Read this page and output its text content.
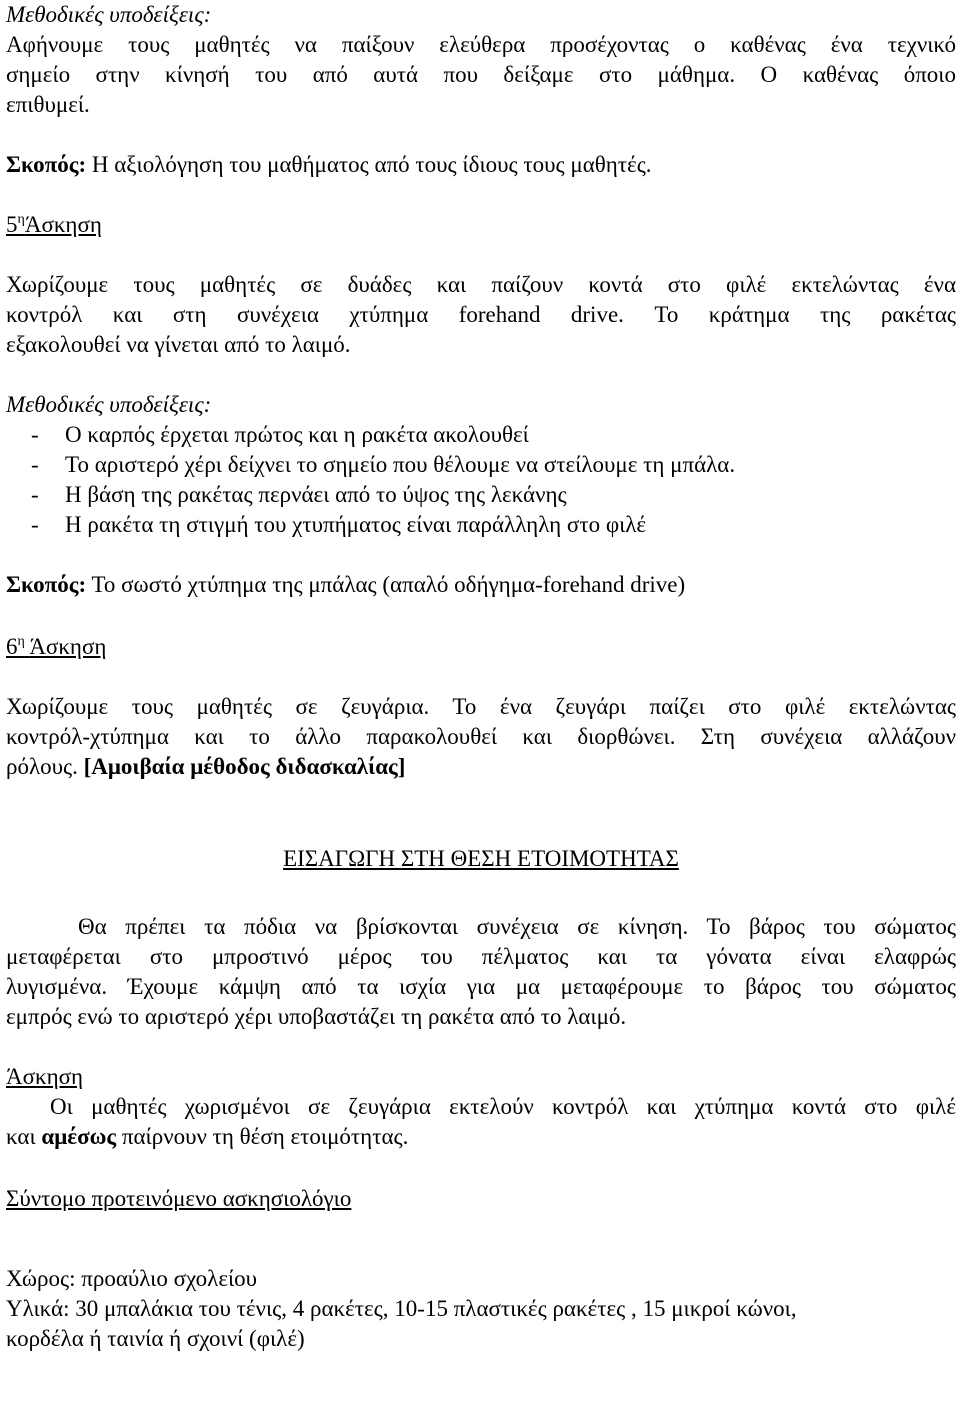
Μεθοδικές υποδείξεις:
Αφήνουμε τους μαθητές να παίξουν ελεύθερα προσέχοντας ο καθένας ένα τεχνικό
σημείο στην κίνησή του από αυτά που δείξαμε στο μάθημα. Ο καθένας όποιο
επιθυμεί.
Σκοπός: Η αξιολόγηση του μαθήματος από τους ίδιους τους μαθητές.
$5^\eta Ά\sigma\kappa\eta\sigma\eta$
Χωρίζουμε τους μαθητές σε δυάδες και παίζουν κοντά στο φιλέ εκτελώντας ένα
κοντρόλ και στη συνέχεια χτύπημα forehand drive. Το κράτημα της ρακέτας
εξακολουθεί να γίνεται από το λαιμό.
Μεθοδικές υποδείξεις:
-	Ο καρπός έρχεται πρώτος και η ρακέτα ακολουθεί
-	Το αριστερό χέρι δείχνει το σημείο που θέλουμε να στείλουμε τη μπάλα.
-	Η βάση της ρακέτας περνάει από το ύψος της λεκάνης
-	Η ρακέτα τη στιγμή του χτυπήματος είναι παράλληλη στο φιλέ
Σκοπός: Το σωστό χτύπημα της μπάλας (απαλό οδήγημα-forehand drive)
$6^\eta$ Άσκηση
Χωρίζουμε τους μαθητές σε ζευγάρια. Το ένα ζευγάρι παίζει στο φιλέ εκτελώντας
κοντρόλ-χτύπημα και το άλλο παρακολουθεί και διορθώνει. Στη συνέχεια αλλάζουν
ρόλους. [Αμοιβαία μέθοδος διδασκαλίας]
ΕΙΣΑΓΩΓΗ ΣΤΗ ΘΕΣΗ ΕΤΟΙΜΟΤΗΤΑΣ
Θα πρέπει τα πόδια να βρίσκονται συνέχεια σε κίνηση. Το βάρος του σώματος
μεταφέρεται στο μπροστινό μέρος του πέλματος και τα γόνατα είναι ελαφρώς
λυγισμένα. Έχουμε κάμψη από τα ισχία για μα μεταφέρουμε το βάρος του σώματος
εμπρός ενώ το αριστερό χέρι υποβαστάζει τη ρακέτα από το λαιμό.
Άσκηση
Οι μαθητές χωρισμένοι σε ζευγάρια εκτελούν κοντρόλ και χτύπημα κοντά στο φιλέ
και αμέσως παίρνουν τη θέση ετοιμότητας.
Σύντομο προτεινόμενο ασκησιολόγιο
Χώρος: προαύλιο σχολείου
Υλικά: 30 μπαλάκια του τένις, 4 ρακέτες, 10-15 πλαστικές ρακέτες , 15 μικροί κώνοι,
κορδέλα ή ταινία ή σχοινί (φιλέ)
